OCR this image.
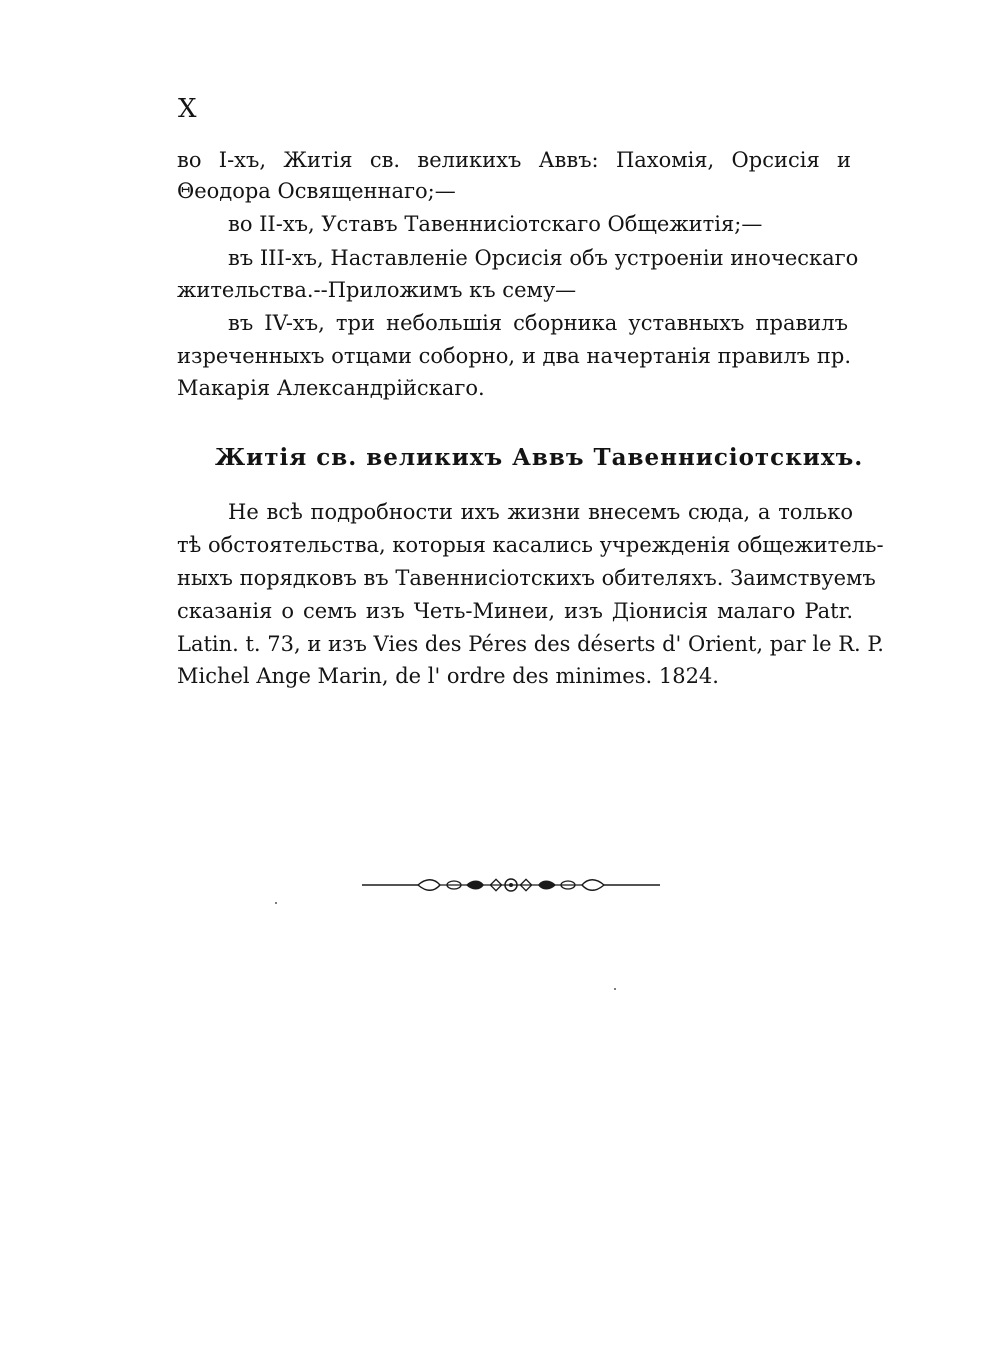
X
во I-хъ, Житія св. великихъ Аввъ: Пахомія, Орсисія и
Θеодора Освященнаго;—
во II-хъ, Уставъ Тавеннисіотскаго Общежитія;—
въ III-хъ, Наставленіе Орсисія объ устроеніи иноческаго
жительства.--Приложимъ къ сему—
въ IV-хъ, три небольшія сборника уставныхъ правилъ
изреченныхъ отцами соборно, и два начертанія правилъ пр.
Макарія Александрійскаго.
Житія св. великихъ Аввъ Тавеннисіотскихъ.
Не всѣ подробности ихъ жизни внесемъ сюда, а только
тѣ обстоятельства, которыя касались учрежденія общежитель-
ныхъ порядковъ въ Тавеннисіотскихъ обителяхъ. Заимствуемъ
сказанія о семъ изъ Четь-Минеи, изъ Діонисія малаго Patr.
Latin. t. 73, и изъ Vies des Péres des déserts d' Orient, par le R. P.
Michel Ange Marin, de l' ordre des minimes. 1824.
